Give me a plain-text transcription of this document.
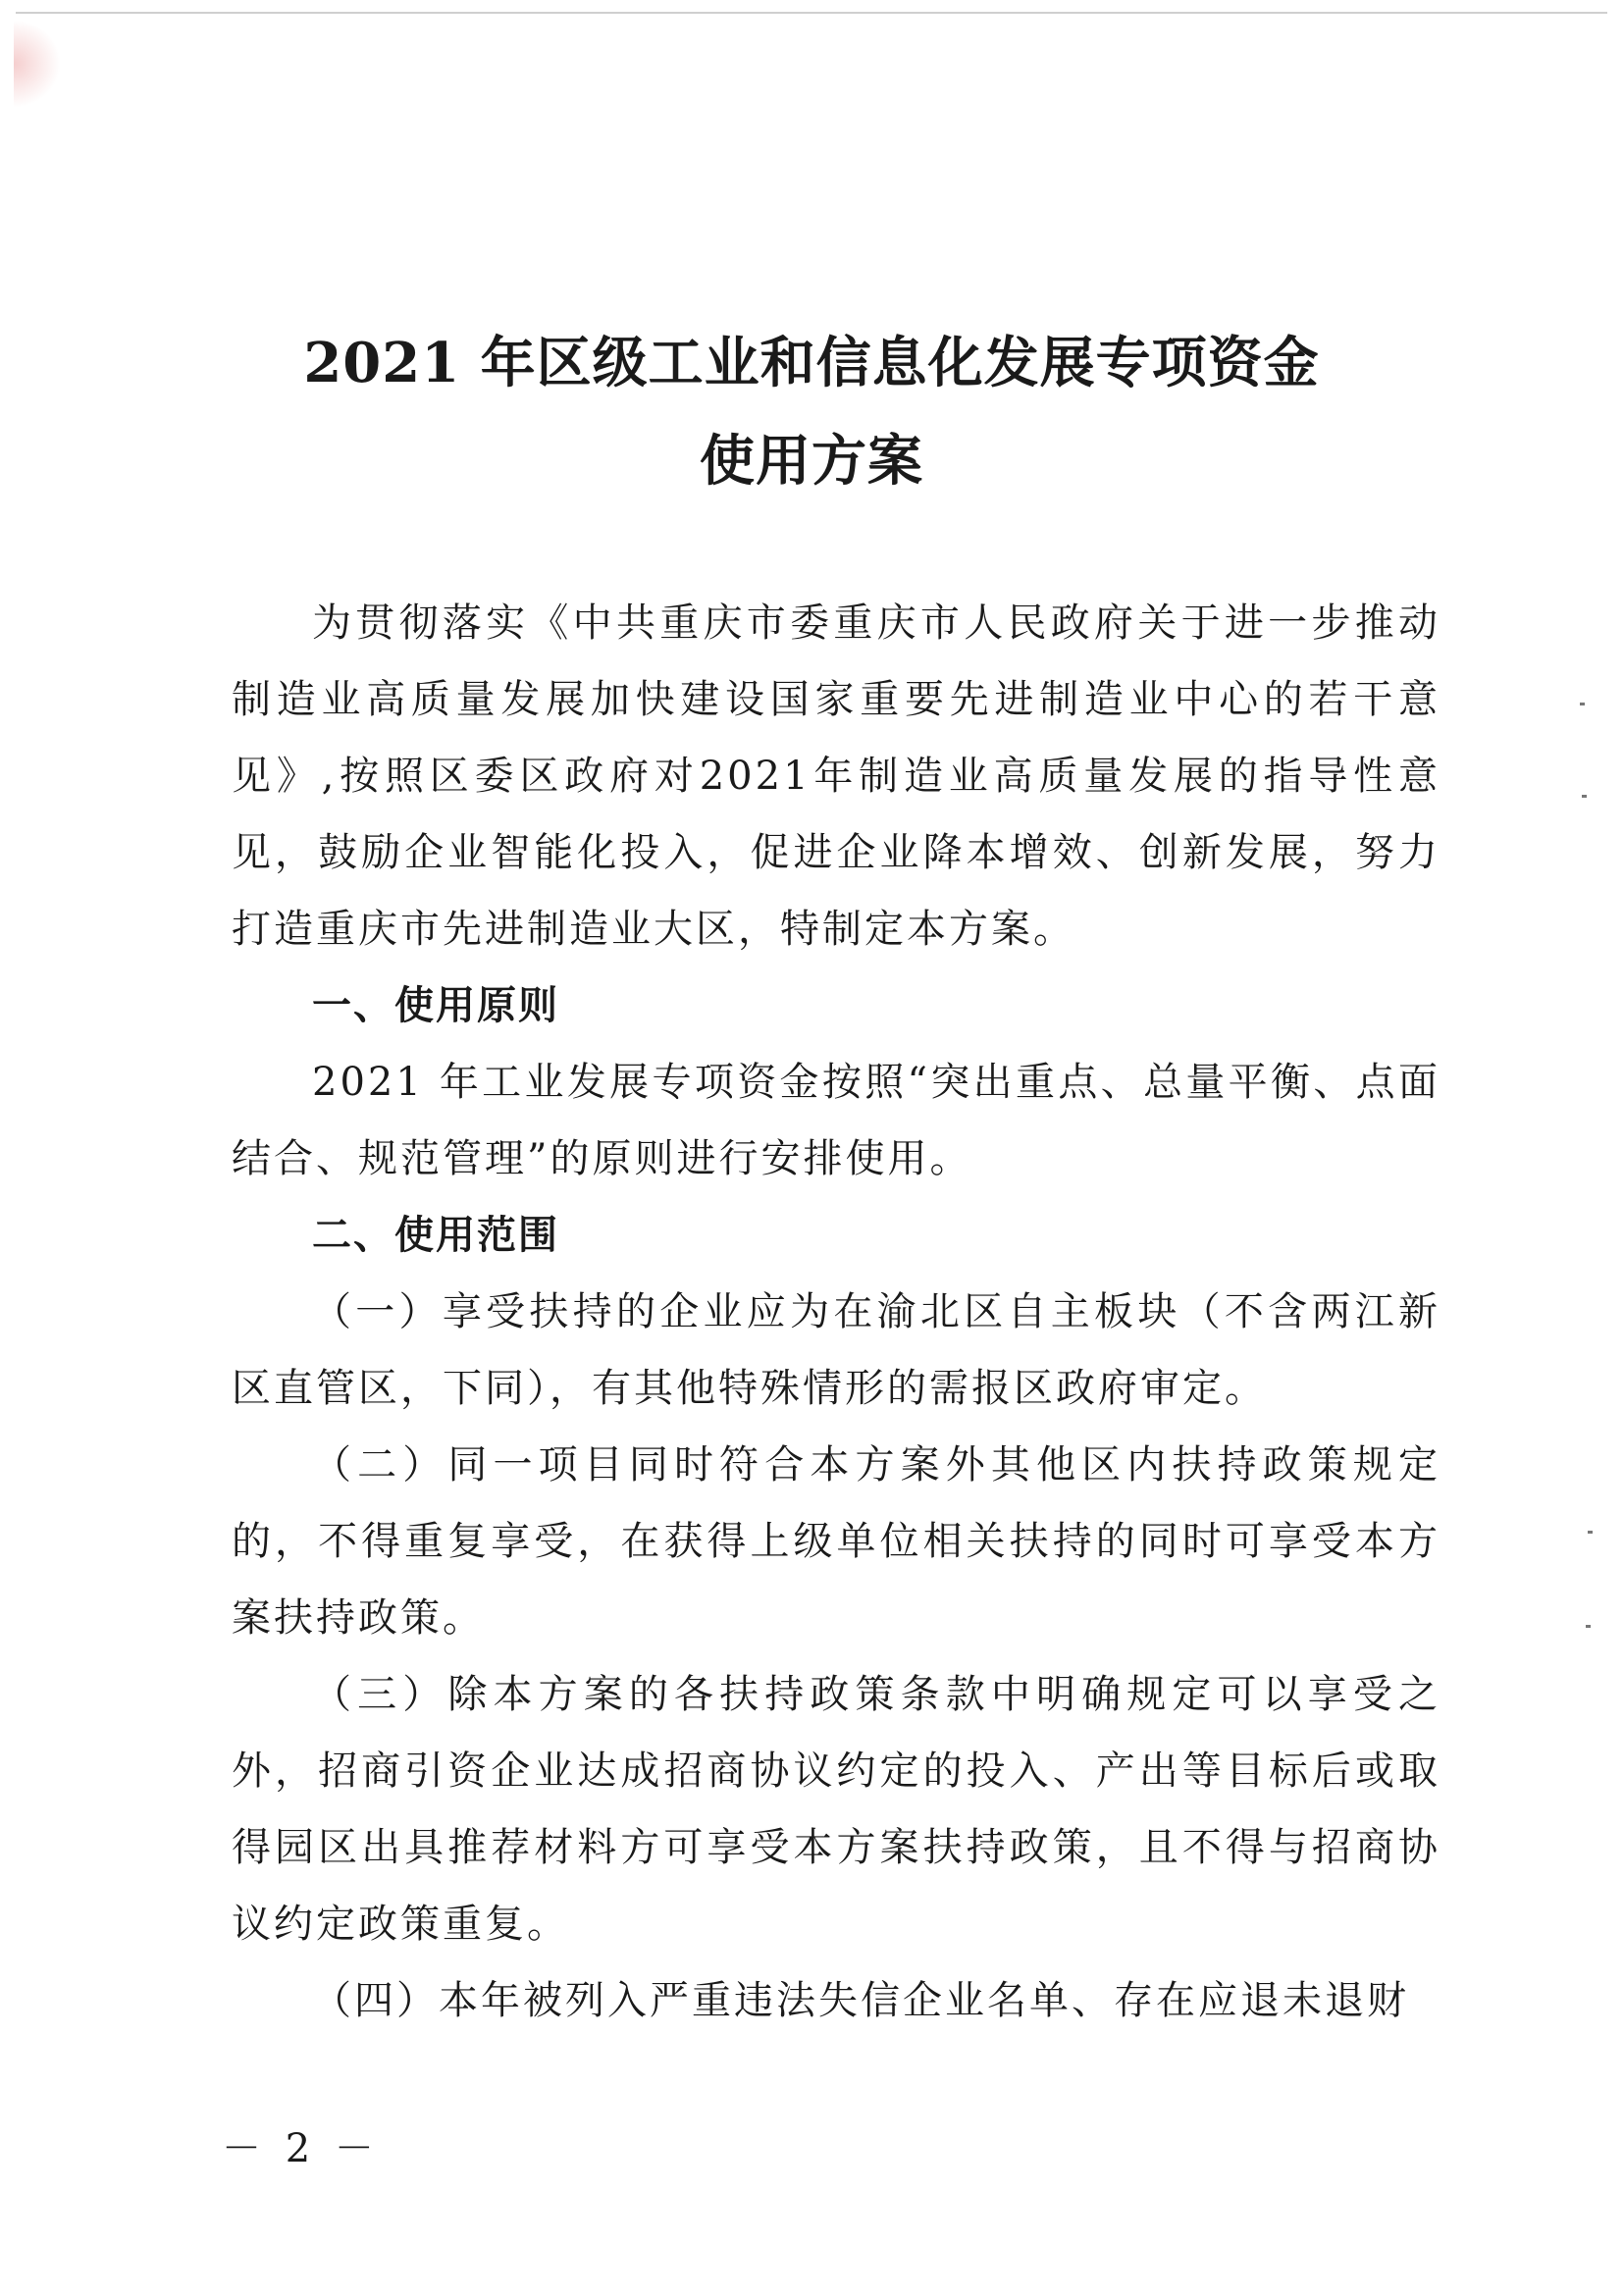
2021 年区级工业和信息化发展专项资金
使用方案

为贯彻落实《中共重庆市委重庆市人民政府关于进一步推动制造业高质量发展加快建设国家重要先进制造业中心的若干意见》,按照区委区政府对2021年制造业高质量发展的指导性意见，鼓励企业智能化投入，促进企业降本增效、创新发展，努力打造重庆市先进制造业大区，特制定本方案。

一、使用原则

2021 年工业发展专项资金按照“突出重点、总量平衡、点面结合、规范管理”的原则进行安排使用。

二、使用范围

（一）享受扶持的企业应为在渝北区自主板块（不含两江新区直管区，下同），有其他特殊情形的需报区政府审定。

（二）同一项目同时符合本方案外其他区内扶持政策规定的，不得重复享受，在获得上级单位相关扶持的同时可享受本方案扶持政策。

（三）除本方案的各扶持政策条款中明确规定可以享受之外，招商引资企业达成招商协议约定的投入、产出等目标后或取得园区出具推荐材料方可享受本方案扶持政策，且不得与招商协议约定政策重复。

（四）本年被列入严重违法失信企业名单、存在应退未退财

－ 2 －
